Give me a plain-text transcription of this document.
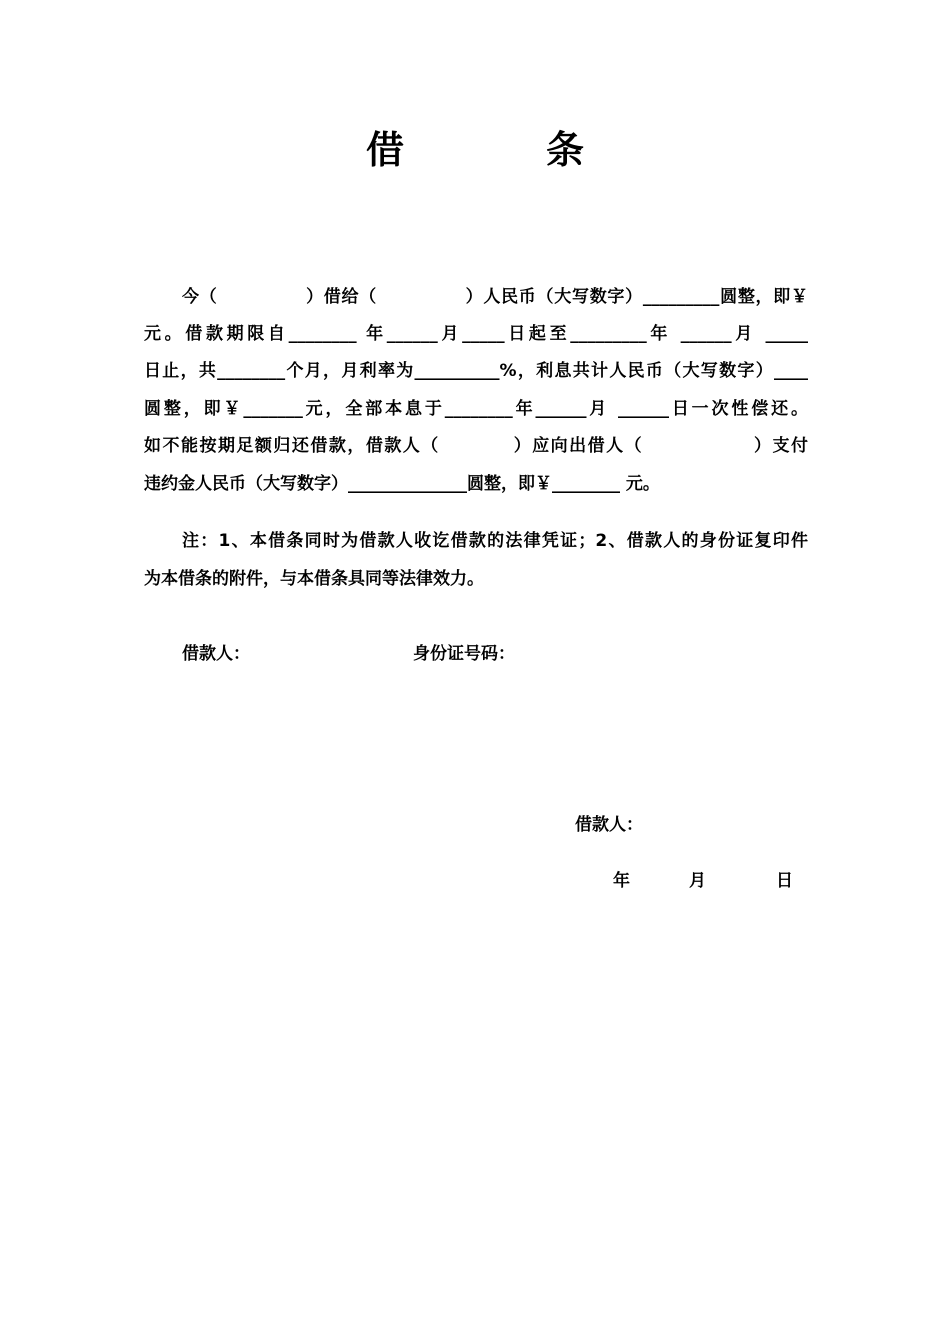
借　条
今（　　　　　）借给（　　　　　）人民币（大写数字）_________圆整，即￥
元。借款期限自________ 年______月_____日起至_________年 ______月 _____
日止，共________个月，月利率为__________%，利息共计人民币（大写数字）____
圆整，即￥_______元，全部本息于________年______月 ______日一次性偿还。
如不能按期足额归还借款，借款人（　　　　）应向出借人（　　　　　　）支付
违约金人民币（大写数字）______________圆整，即￥________ 元。
注：1、本借条同时为借款人收讫借款的法律凭证；2、借款人的身份证复印件
为本借条的附件，与本借条具同等法律效力。
借款人：	身份证号码：
借款人：
年	月	日
